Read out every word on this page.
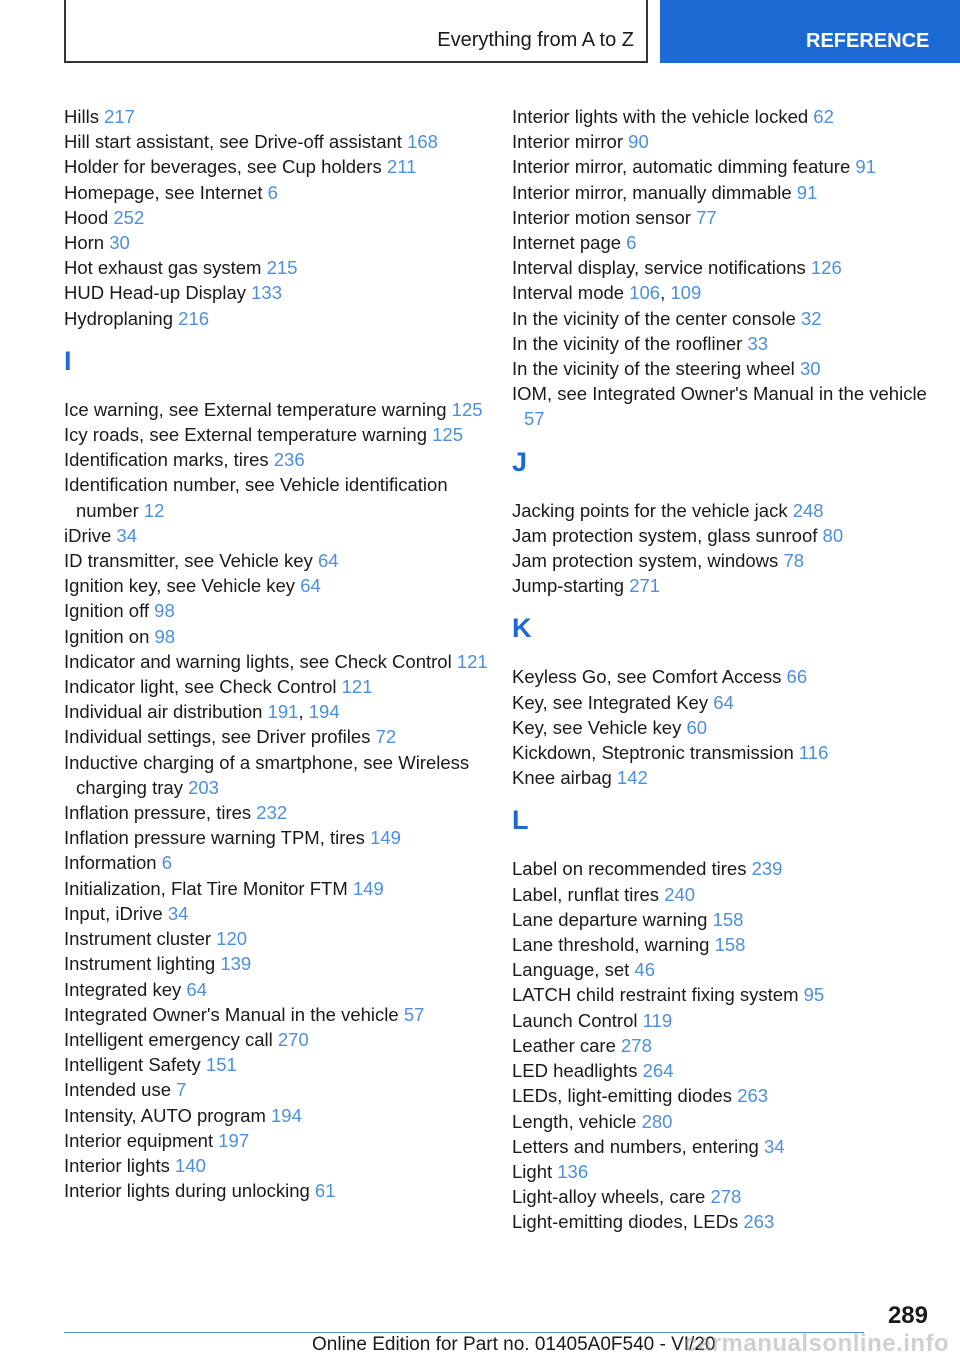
Everything from A to Z	REFERENCE
Hills 217
Hill start assistant, see Drive-off assistant 168
Holder for beverages, see Cup holders 211
Homepage, see Internet 6
Hood 252
Horn 30
Hot exhaust gas system 215
HUD Head-up Display 133
Hydroplaning 216
I
Ice warning, see External temperature warning 125
Icy roads, see External temperature warning 125
Identification marks, tires 236
Identification number, see Vehicle identification number 12
iDrive 34
ID transmitter, see Vehicle key 64
Ignition key, see Vehicle key 64
Ignition off 98
Ignition on 98
Indicator and warning lights, see Check Control 121
Indicator light, see Check Control 121
Individual air distribution 191, 194
Individual settings, see Driver profiles 72
Inductive charging of a smartphone, see Wireless charging tray 203
Inflation pressure, tires 232
Inflation pressure warning TPM, tires 149
Information 6
Initialization, Flat Tire Monitor FTM 149
Input, iDrive 34
Instrument cluster 120
Instrument lighting 139
Integrated key 64
Integrated Owner's Manual in the vehicle 57
Intelligent emergency call 270
Intelligent Safety 151
Intended use 7
Intensity, AUTO program 194
Interior equipment 197
Interior lights 140
Interior lights during unlocking 61
Interior lights with the vehicle locked 62
Interior mirror 90
Interior mirror, automatic dimming feature 91
Interior mirror, manually dimmable 91
Interior motion sensor 77
Internet page 6
Interval display, service notifications 126
Interval mode 106, 109
In the vicinity of the center console 32
In the vicinity of the roofliner 33
In the vicinity of the steering wheel 30
IOM, see Integrated Owner's Manual in the vehicle 57
J
Jacking points for the vehicle jack 248
Jam protection system, glass sunroof 80
Jam protection system, windows 78
Jump-starting 271
K
Keyless Go, see Comfort Access 66
Key, see Integrated Key 64
Key, see Vehicle key 60
Kickdown, Steptronic transmission 116
Knee airbag 142
L
Label on recommended tires 239
Label, runflat tires 240
Lane departure warning 158
Lane threshold, warning 158
Language, set 46
LATCH child restraint fixing system 95
Launch Control 119
Leather care 278
LED headlights 264
LEDs, light-emitting diodes 263
Length, vehicle 280
Letters and numbers, entering 34
Light 136
Light-alloy wheels, care 278
Light-emitting diodes, LEDs 263
289
Online Edition for Part no. 01405A0F540 - VI/20
carmanualsonline.info
